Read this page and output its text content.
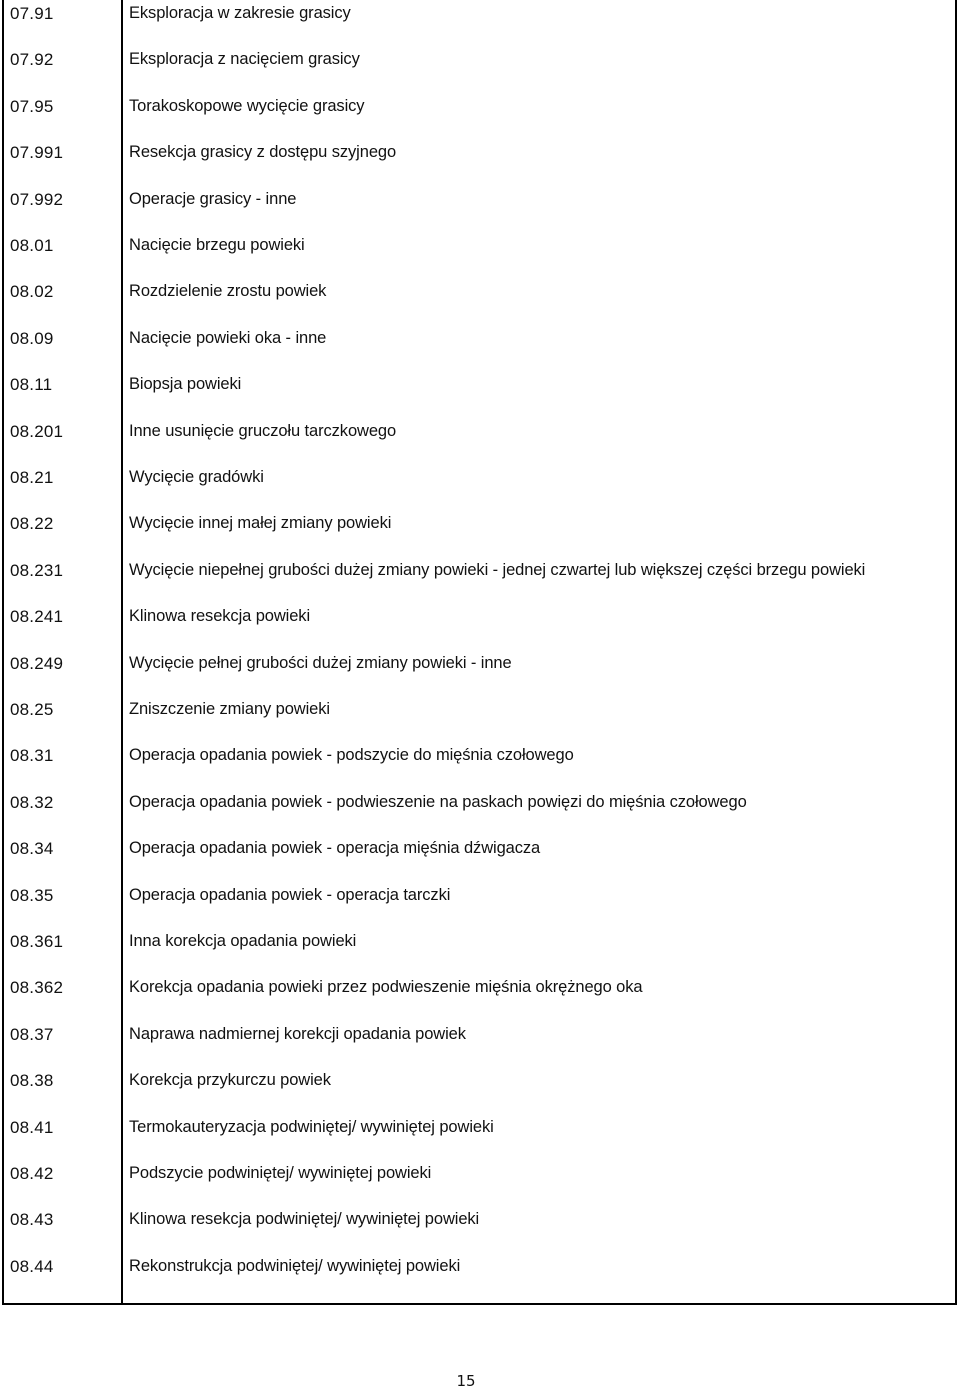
07.91	Eksploracja w zakresie grasicy
07.92	Eksploracja z nacięciem grasicy
07.95	Torakoskopowe wycięcie grasicy
07.991	Resekcja grasicy z dostępu szyjnego
07.992	Operacje grasicy - inne
08.01	Nacięcie brzegu powieki
08.02	Rozdzielenie zrostu powiek
08.09	Nacięcie powieki oka - inne
08.11	Biopsja powieki
08.201	Inne usunięcie gruczołu tarczkowego
08.21	Wycięcie gradówki
08.22	Wycięcie innej małej zmiany powieki
08.231	Wycięcie niepełnej grubości dużej zmiany powieki - jednej czwartej lub większej części brzegu powieki
08.241	Klinowa resekcja powieki
08.249	Wycięcie pełnej grubości dużej zmiany powieki - inne
08.25	Zniszczenie zmiany powieki
08.31	Operacja opadania powiek - podszycie do mięśnia czołowego
08.32	Operacja opadania powiek - podwieszenie na paskach powięzi do mięśnia czołowego
08.34	Operacja opadania powiek - operacja mięśnia dźwigacza
08.35	Operacja opadania powiek - operacja tarczki
08.361	Inna korekcja opadania powieki
08.362	Korekcja opadania powieki przez podwieszenie mięśnia okrężnego oka
08.37	Naprawa nadmiernej korekcji opadania powiek
08.38	Korekcja przykurczu powiek
08.41	Termokauteryzacja podwiniętej/ wywiniętej powieki
08.42	Podszycie podwiniętej/ wywiniętej powieki
08.43	Klinowa resekcja podwiniętej/ wywiniętej powieki
08.44	Rekonstrukcja podwiniętej/ wywiniętej powieki
15
